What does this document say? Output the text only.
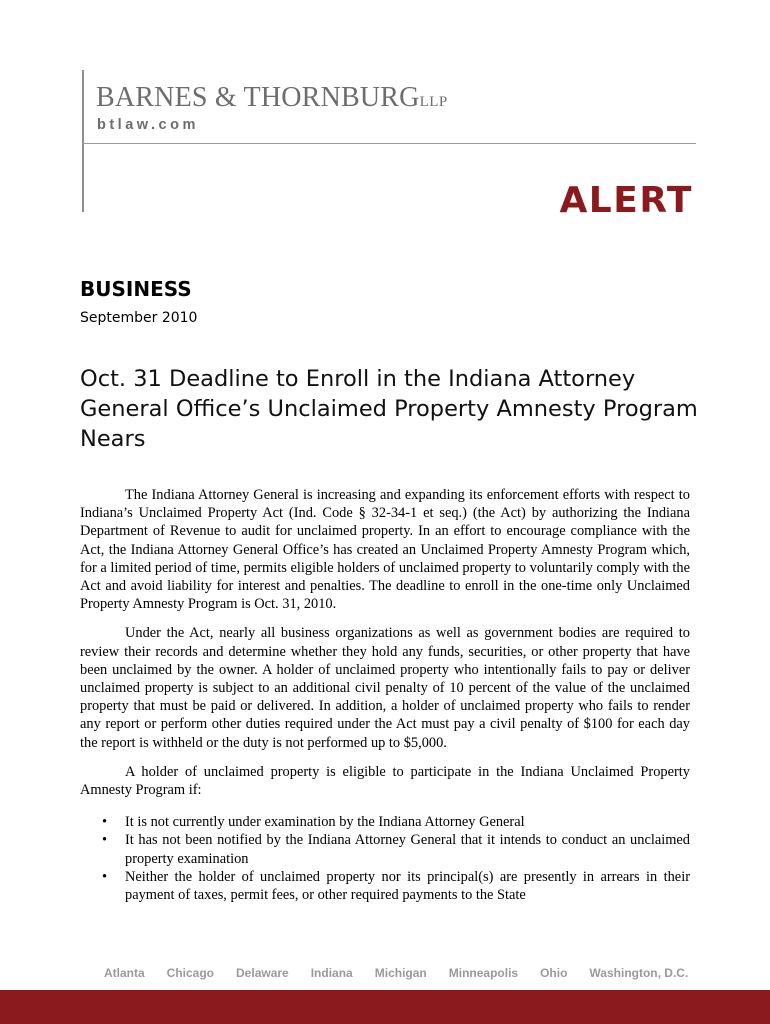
BARNES & THORNBURGLLP
btlaw.com
ALERT
BUSINESS
September 2010
Oct. 31 Deadline to Enroll in the Indiana Attorney General Office’s Unclaimed Property Amnesty Program Nears

The Indiana Attorney General is increasing and expanding its enforcement efforts with respect to Indiana’s Unclaimed Property Act (Ind. Code § 32-34-1 et seq.) (the Act) by authorizing the Indiana Department of Revenue to audit for unclaimed property. In an effort to encourage compliance with the Act, the Indiana Attorney General Office’s has created an Unclaimed Property Amnesty Program which, for a limited period of time, permits eligible holders of unclaimed property to voluntarily comply with the Act and avoid liability for interest and penalties. The deadline to enroll in the one-time only Unclaimed Property Amnesty Program is Oct. 31, 2010.

Under the Act, nearly all business organizations as well as government bodies are required to review their records and determine whether they hold any funds, securities, or other property that have been unclaimed by the owner. A holder of unclaimed property who intentionally fails to pay or deliver unclaimed property is subject to an additional civil penalty of 10 percent of the value of the unclaimed property that must be paid or delivered. In addition, a holder of unclaimed property who fails to render any report or perform other duties required under the Act must pay a civil penalty of $100 for each day the report is withheld or the duty is not performed up to $5,000.

A holder of unclaimed property is eligible to participate in the Indiana Unclaimed Property Amnesty Program if:

• It is not currently under examination by the Indiana Attorney General
• It has not been notified by the Indiana Attorney General that it intends to conduct an unclaimed property examination
• Neither the holder of unclaimed property nor its principal(s) are presently in arrears in their payment of taxes, permit fees, or other required payments to the State
Atlanta Chicago Delaware Indiana Michigan Minneapolis Ohio Washington, D.C.
